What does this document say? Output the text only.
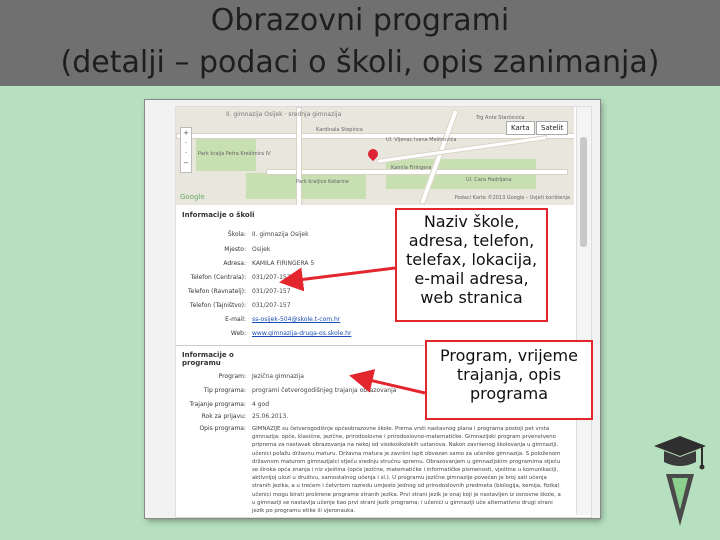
Obrazovni programi
(detalji – podaci o školi, opis zanimanja)
II. gimnazija Osijek · srednja gimnazija
+
·
·
−
Kardinalа Stepinca
Ul. Vijenac Ivana Meštrovića
Park kralja Petra Krešimira IV
Park kraljice Katarine
Kamila Firingera
Ul. Cara Hadrijana
Trg Ante Starčevića
Karta	Satelit
Google	Podaci Karte ©2013 Google - Uvjeti korištenja
Informacije o školi
Škola: II. gimnazija Osijek
Mjesto: Osijek
Adresa: KAMILA FIRINGERA 5
Telefon (Centrala): 031/207-157
Telefon (Ravnatelj): 031/207-157
Telefon (Tajništvo): 031/207-157
E-mail: ss-osijek-504@skole.t-com.hr
Web: www.gimnazija-druga-os.skole.hr
Informacije o programu
Program: Jezična gimnazija
Tip programa: programi četverogodišnjeg trajanja obrazovanja
Trajanje programa: 4 god
Rok za prijavu: 25.06.2013.
Opis programa: GIMNAZIJE su četverogodišnje općeobrazovne škole. Prema vrsti nastavnog plana i programa postoji pet vrsta gimnazija: opće, klasične, jezične, prirodoslovne i prirodoslovno-matematičke. Gimnazijski program prvenstveno priprema za nastavak obrazovanja na nekoj od visokoškolskih ustanova. Nakon završenog školovanja u gimnaziji, učenici polažu državnu maturu. Državna matura je završni ispit obvezan samo za učenike gimnazija. S položenom državnom maturom gimnazijalci stječu srednju stručnu spremu. Obrazovanjem u gimnazijskim programima stječu se široka opća znanja i niz vještina (opće jezične, matematičke i informatičke pismenosti, vještine u komunikaciji, aktivnijoj ulozi u društvu, samostalnog učenja i sl.). U programu jezične gimnazije povećan je broj sati učenja stranih jezika, a u trećem i četvrtom razredu umjesto jednog od prirodoslovnih predmeta (biologija, kemija, fizika) učenici mogu birati proširene programe stranih jezika. Prvi strani jezik je onaj koji je nastavljen iz osnovne škole, a u gimnaziji se nastavlja učenje kao prvi strani jezik programa; i učenici u gimnaziji uče alternativno drugi strani jezik po programu etike ili vjeronauka.
Naziv škole,
adresa, telefon,
telefax, lokacija,
e-mail adresa,
web stranica
Program, vrijeme
trajanja, opis
programa
